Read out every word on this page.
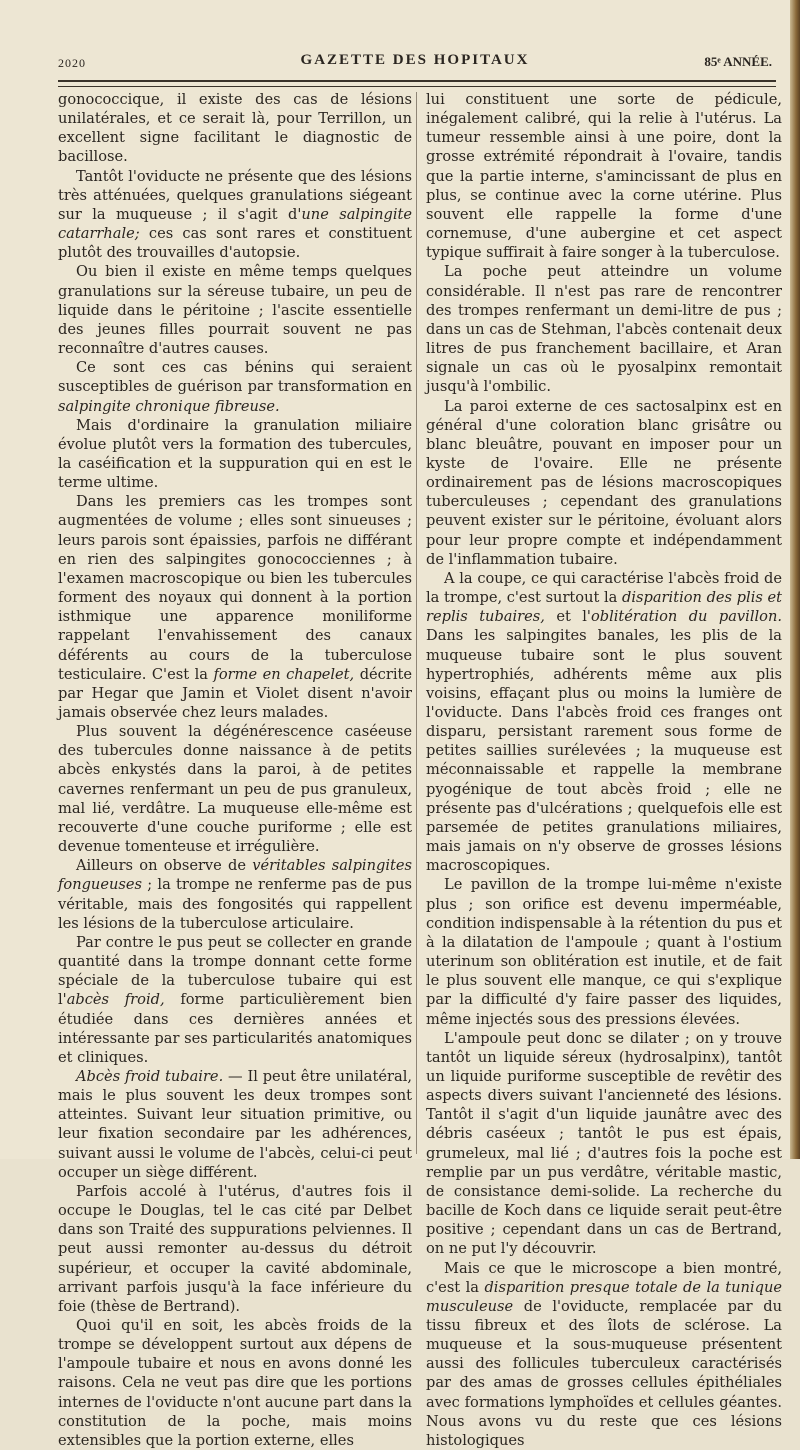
2020	GAZETTE DES HOPITAUX	85ᵉ ANNÉE.

gonococcique, il existe des cas de lésions unilatérales, et ce serait là, pour Terrillon, un excellent signe facilitant le diagnostic de bacillose.

Tantôt l'oviducte ne présente que des lésions très atténuées, quelques granulations siégeant sur la muqueuse ; il s'agit d'une salpingite catarrhale; ces cas sont rares et constituent plutôt des trouvailles d'autopsie.

Ou bien il existe en même temps quelques granulations sur la séreuse tubaire, un peu de liquide dans le péritoine ; l'ascite essentielle des jeunes filles pourrait souvent ne pas reconnaître d'autres causes.

Ce sont ces cas bénins qui seraient susceptibles de guérison par transformation en salpingite chronique fibreuse.

Mais d'ordinaire la granulation miliaire évolue plutôt vers la formation des tubercules, la caséification et la suppuration qui en est le terme ultime.

Dans les premiers cas les trompes sont augmentées de volume ; elles sont sinueuses ; leurs parois sont épaissies, parfois ne différant en rien des salpingites gonococciennes ; à l'examen macroscopique ou bien les tubercules forment des noyaux qui donnent à la portion isthmique une apparence moniliforme rappelant l'envahissement des canaux déférents au cours de la tuberculose testiculaire. C'est la forme en chapelet, décrite par Hegar que Jamin et Violet disent n'avoir jamais observée chez leurs malades.

Plus souvent la dégénérescence caséeuse des tubercules donne naissance à de petits abcès enkystés dans la paroi, à de petites cavernes renfermant un peu de pus granuleux, mal lié, verdâtre. La muqueuse elle-même est recouverte d'une couche puriforme ; elle est devenue tomenteuse et irrégulière.

Ailleurs on observe de véritables salpingites fongueuses ; la trompe ne renferme pas de pus véritable, mais des fongosités qui rappellent les lésions de la tuberculose articulaire.

Par contre le pus peut se collecter en grande quantité dans la trompe donnant cette forme spéciale de la tuberculose tubaire qui est l'abcès froid, forme particulièrement bien étudiée dans ces dernières années et intéressante par ses particularités anatomiques et cliniques.

Abcès froid tubaire. — Il peut être unilatéral, mais le plus souvent les deux trompes sont atteintes. Suivant leur situation primitive, ou leur fixation secondaire par les adhérences, suivant aussi le volume de l'abcès, celui-ci peut occuper un siège différent.

Parfois accolé à l'utérus, d'autres fois il occupe le Douglas, tel le cas cité par Delbet dans son Traité des suppurations pelviennes. Il peut aussi remonter au-dessus du détroit supérieur, et occuper la cavité abdominale, arrivant parfois jusqu'à la face inférieure du foie (thèse de Bertrand).

Quoi qu'il en soit, les abcès froids de la trompe se développent surtout aux dépens de l'ampoule tubaire et nous en avons donné les raisons. Cela ne veut pas dire que les portions internes de l'oviducte n'ont aucune part dans la constitution de la poche, mais moins extensibles que la portion externe, elles

lui constituent une sorte de pédicule, inégalement calibré, qui la relie à l'utérus. La tumeur ressemble ainsi à une poire, dont la grosse extrémité répondrait à l'ovaire, tandis que la partie interne, s'amincissant de plus en plus, se continue avec la corne utérine. Plus souvent elle rappelle la forme d'une cornemuse, d'une aubergine et cet aspect typique suffirait à faire songer à la tuberculose.

La poche peut atteindre un volume considérable. Il n'est pas rare de rencontrer des trompes renfermant un demi-litre de pus ; dans un cas de Stehman, l'abcès contenait deux litres de pus franchement bacillaire, et Aran signale un cas où le pyosalpinx remontait jusqu'à l'ombilic.

La paroi externe de ces sactosalpinx est en général d'une coloration blanc grisâtre ou blanc bleuâtre, pouvant en imposer pour un kyste de l'ovaire. Elle ne présente ordinairement pas de lésions macroscopiques tuberculeuses ; cependant des granulations peuvent exister sur le péritoine, évoluant alors pour leur propre compte et indépendamment de l'inflammation tubaire.

A la coupe, ce qui caractérise l'abcès froid de la trompe, c'est surtout la disparition des plis et replis tubaires, et l'oblitération du pavillon. Dans les salpingites banales, les plis de la muqueuse tubaire sont le plus souvent hypertrophiés, adhérents même aux plis voisins, effaçant plus ou moins la lumière de l'oviducte. Dans l'abcès froid ces franges ont disparu, persistant rarement sous forme de petites saillies surélevées ; la muqueuse est méconnaissable et rappelle la membrane pyogénique de tout abcès froid ; elle ne présente pas d'ulcérations ; quelquefois elle est parsemée de petites granulations miliaires, mais jamais on n'y observe de grosses lésions macroscopiques.

Le pavillon de la trompe lui-même n'existe plus ; son orifice est devenu imperméable, condition indispensable à la rétention du pus et à la dilatation de l'ampoule ; quant à l'ostium uterinum son oblitération est inutile, et de fait le plus souvent elle manque, ce qui s'explique par la difficulté d'y faire passer des liquides, même injectés sous des pressions élevées.

L'ampoule peut donc se dilater ; on y trouve tantôt un liquide séreux (hydrosalpinx), tantôt un liquide puriforme susceptible de revêtir des aspects divers suivant l'ancienneté des lésions. Tantôt il s'agit d'un liquide jaunâtre avec des débris caséeux ; tantôt le pus est épais, grumeleux, mal lié ; d'autres fois la poche est remplie par un pus verdâtre, véritable mastic, de consistance demi-solide. La recherche du bacille de Koch dans ce liquide serait peut-être positive ; cependant dans un cas de Bertrand, on ne put l'y découvrir.

Mais ce que le microscope a bien montré, c'est la disparition presque totale de la tunique musculeuse de l'oviducte, remplacée par du tissu fibreux et des îlots de sclérose. La muqueuse et la sous-muqueuse présentent aussi des follicules tuberculeux caractérisés par des amas de grosses cellules épithéliales avec formations lymphoïdes et cellules géantes. Nous avons vu du reste que ces lésions histologiques
